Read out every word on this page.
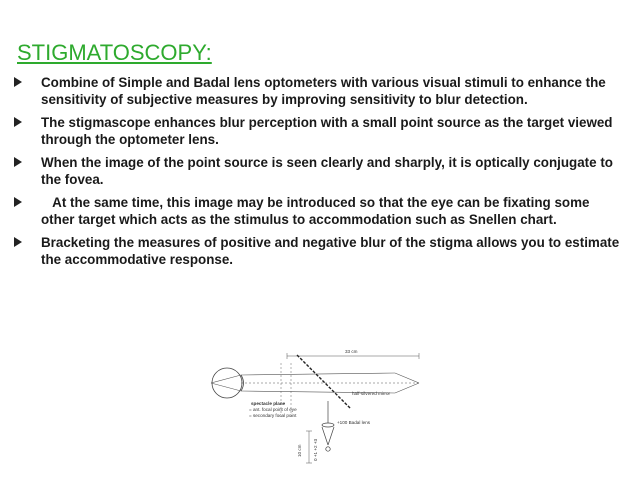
STIGMATOSCOPY:
Combine of Simple and Badal lens optometers with various visual stimuli to enhance the sensitivity of subjective measures by improving sensitivity to blur detection.
The stigmascope enhances blur perception with a small point source as the target viewed through the optometer lens.
When the image of the point source is seen clearly and sharply, it is optically conjugate to the fovea.
At the same time, this image may be introduced so that the eye can be fixating some other target which acts as the stimulus to accommodation such as Snellen chart.
Bracketing the measures of positive and negative blur of the stigma allows you to estimate the accommodative response.
33 cm
half-silvered mirror
+100 Badal lens
10 cm 0 +1 +2 +3
spectacle plane
= ant. focal point of eye
= secondary focal point
